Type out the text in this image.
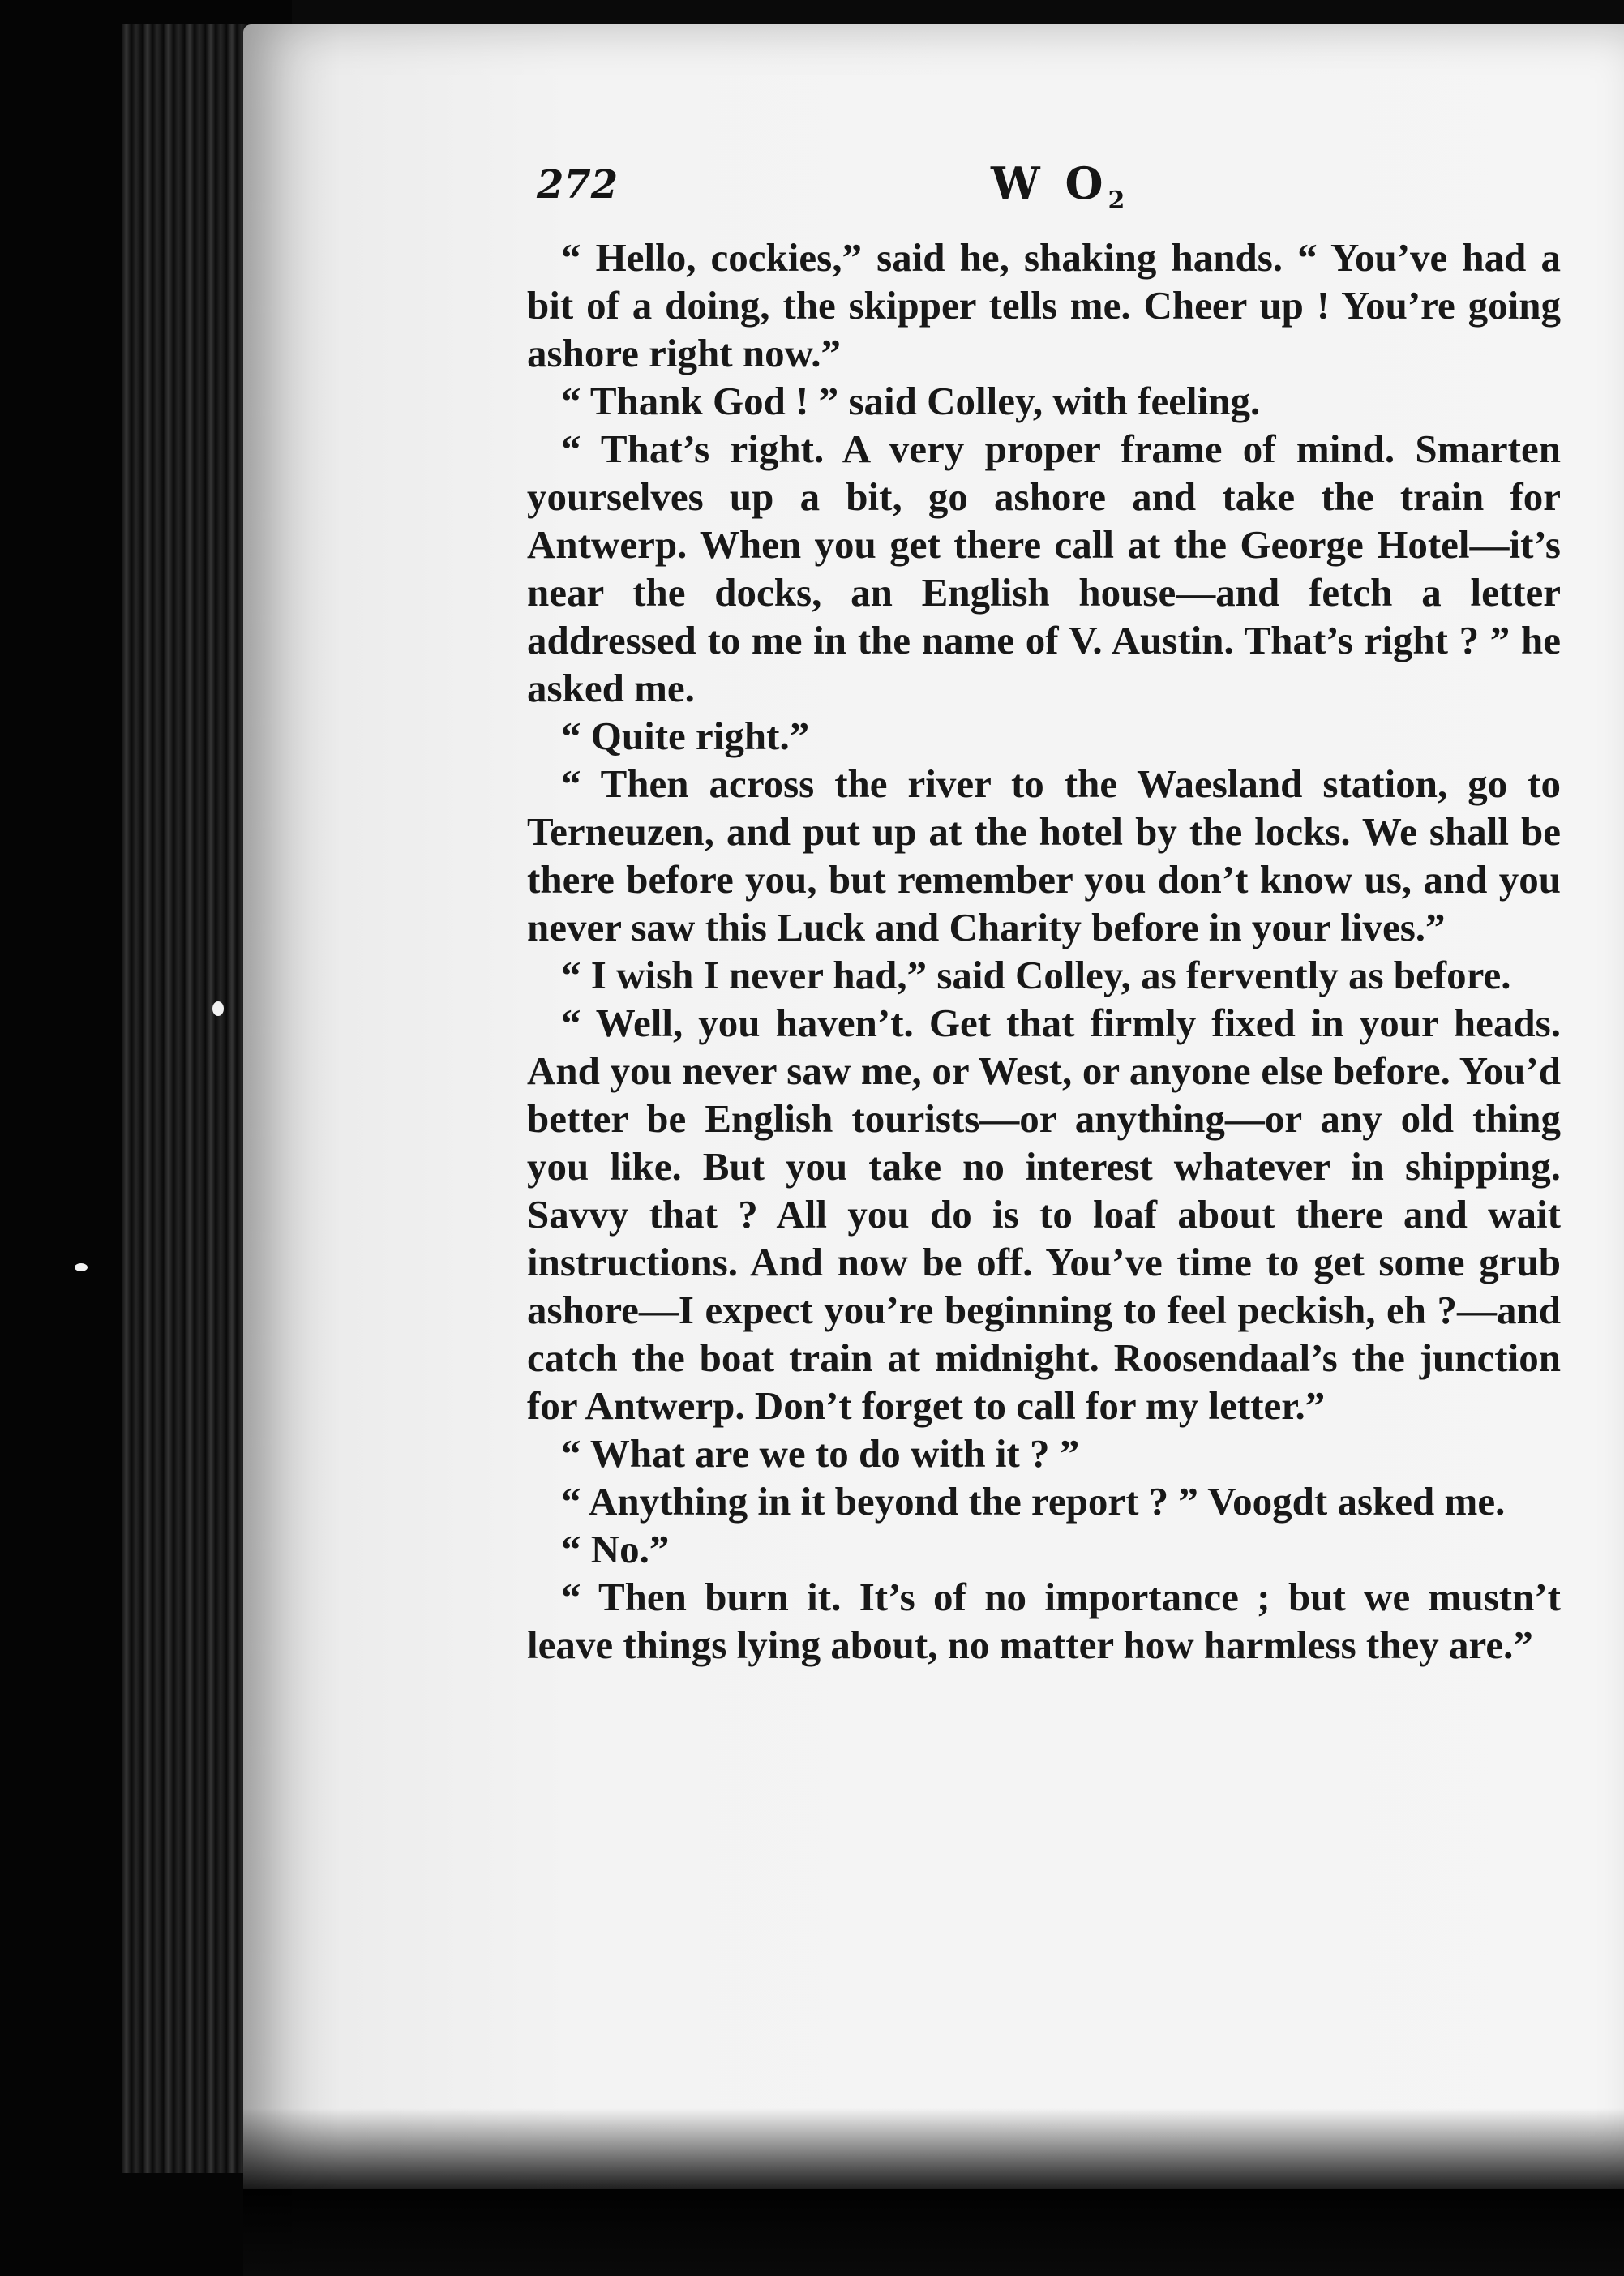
272	W $O_2$

“ Hello, cockies,” said he, shaking hands. “ You’ve had a bit of a doing, the skipper tells me. Cheer up ! You’re going ashore right now.”

“ Thank God ! ” said Colley, with feeling.

“ That’s right. A very proper frame of mind. Smarten yourselves up a bit, go ashore and take the train for Antwerp. When you get there call at the George Hotel—it’s near the docks, an English house—and fetch a letter addressed to me in the name of V. Austin. That’s right ? ” he asked me.

“ Quite right.”

“ Then across the river to the Waesland station, go to Terneuzen, and put up at the hotel by the locks. We shall be there before you, but remember you don’t know us, and you never saw this Luck and Charity before in your lives.”

“ I wish I never had,” said Colley, as fervently as before.

“ Well, you haven’t. Get that firmly fixed in your heads. And you never saw me, or West, or anyone else before. You’d better be English tourists—or anything—or any old thing you like. But you take no interest whatever in shipping. Savvy that ? All you do is to loaf about there and wait instructions. And now be off. You’ve time to get some grub ashore—I expect you’re beginning to feel peckish, eh ?—and catch the boat train at midnight. Roosendaal’s the junction for Antwerp. Don’t forget to call for my letter.”

“ What are we to do with it ? ”

“ Anything in it beyond the report ? ” Voogdt asked me.

“ No.”

“ Then burn it. It’s of no importance ; but we mustn’t leave things lying about, no matter how harmless they are.”
